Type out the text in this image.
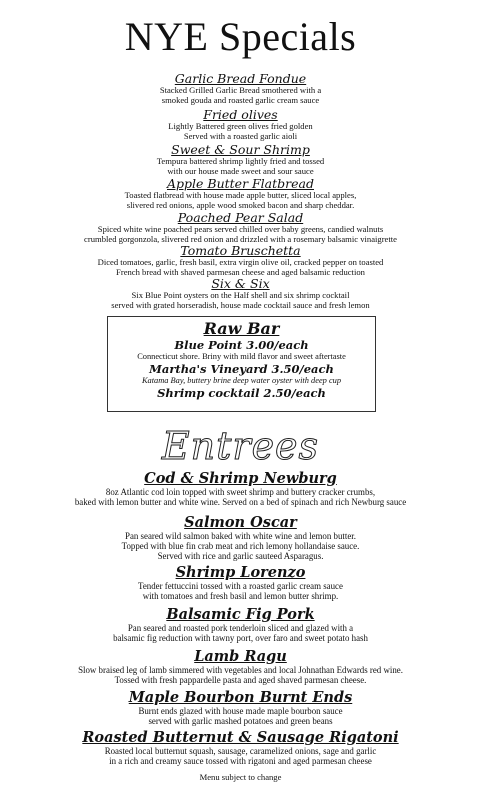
NYE Specials
Garlic Bread Fondue
Stacked Grilled Garlic Bread smothered with a
smoked gouda and roasted garlic cream sauce
Fried olives
Lightly Battered green olives fried golden
Served with a roasted garlic aioli
Sweet & Sour Shrimp
Tempura battered shrimp lightly fried and tossed
with our house made sweet and sour sauce
Apple Butter Flatbread
Toasted flatbread with house made apple butter, sliced local apples,
slivered red onions, apple wood smoked bacon and sharp cheddar.
Poached Pear Salad
Spiced white wine poached pears served chilled over baby greens, candied walnuts
crumbled gorgonzola, slivered red onion and drizzled with a rosemary balsamic vinaigrette
Tomato Bruschetta
Diced tomatoes, garlic, fresh basil, extra virgin olive oil, cracked pepper on toasted
French bread with shaved parmesan cheese and aged balsamic reduction
Six & Six
Six Blue Point oysters on the Half shell and six shrimp cocktail
served with grated horseradish, house made cocktail sauce and fresh lemon
Raw Bar
Blue Point 3.00/each
Connecticut shore. Briny with mild flavor and sweet aftertaste
Martha's Vineyard 3.50/each
Katama Bay, buttery brine deep water oyster with deep cup
Shrimp cocktail 2.50/each
Entrees
Cod & Shrimp Newburg
8oz Atlantic cod loin topped with sweet shrimp and buttery cracker crumbs,
baked with lemon butter and white wine. Served on a bed of spinach and rich Newburg sauce
Salmon Oscar
Pan seared wild salmon baked with white wine and lemon butter.
Topped with blue fin crab meat and rich lemony hollandaise sauce.
Served with rice and garlic sauteed Asparagus.
Shrimp Lorenzo
Tender fettuccini tossed with a roasted garlic cream sauce
with tomatoes and fresh basil and lemon butter shrimp.
Balsamic Fig Pork
Pan seared and roasted pork tenderloin sliced and glazed with a
balsamic fig reduction with tawny port, over faro and sweet potato hash
Lamb Ragu
Slow braised leg of lamb simmered with vegetables and local Johnathan Edwards red wine.
Tossed with fresh pappardelle pasta and aged shaved parmesan cheese.
Maple Bourbon Burnt Ends
Burnt ends glazed with house made maple bourbon sauce
served with garlic mashed potatoes and green beans
Roasted Butternut & Sausage Rigatoni
Roasted local butternut squash, sausage, caramelized onions, sage and garlic
in a rich and creamy sauce tossed with rigatoni and aged parmesan cheese
Menu subject to change
